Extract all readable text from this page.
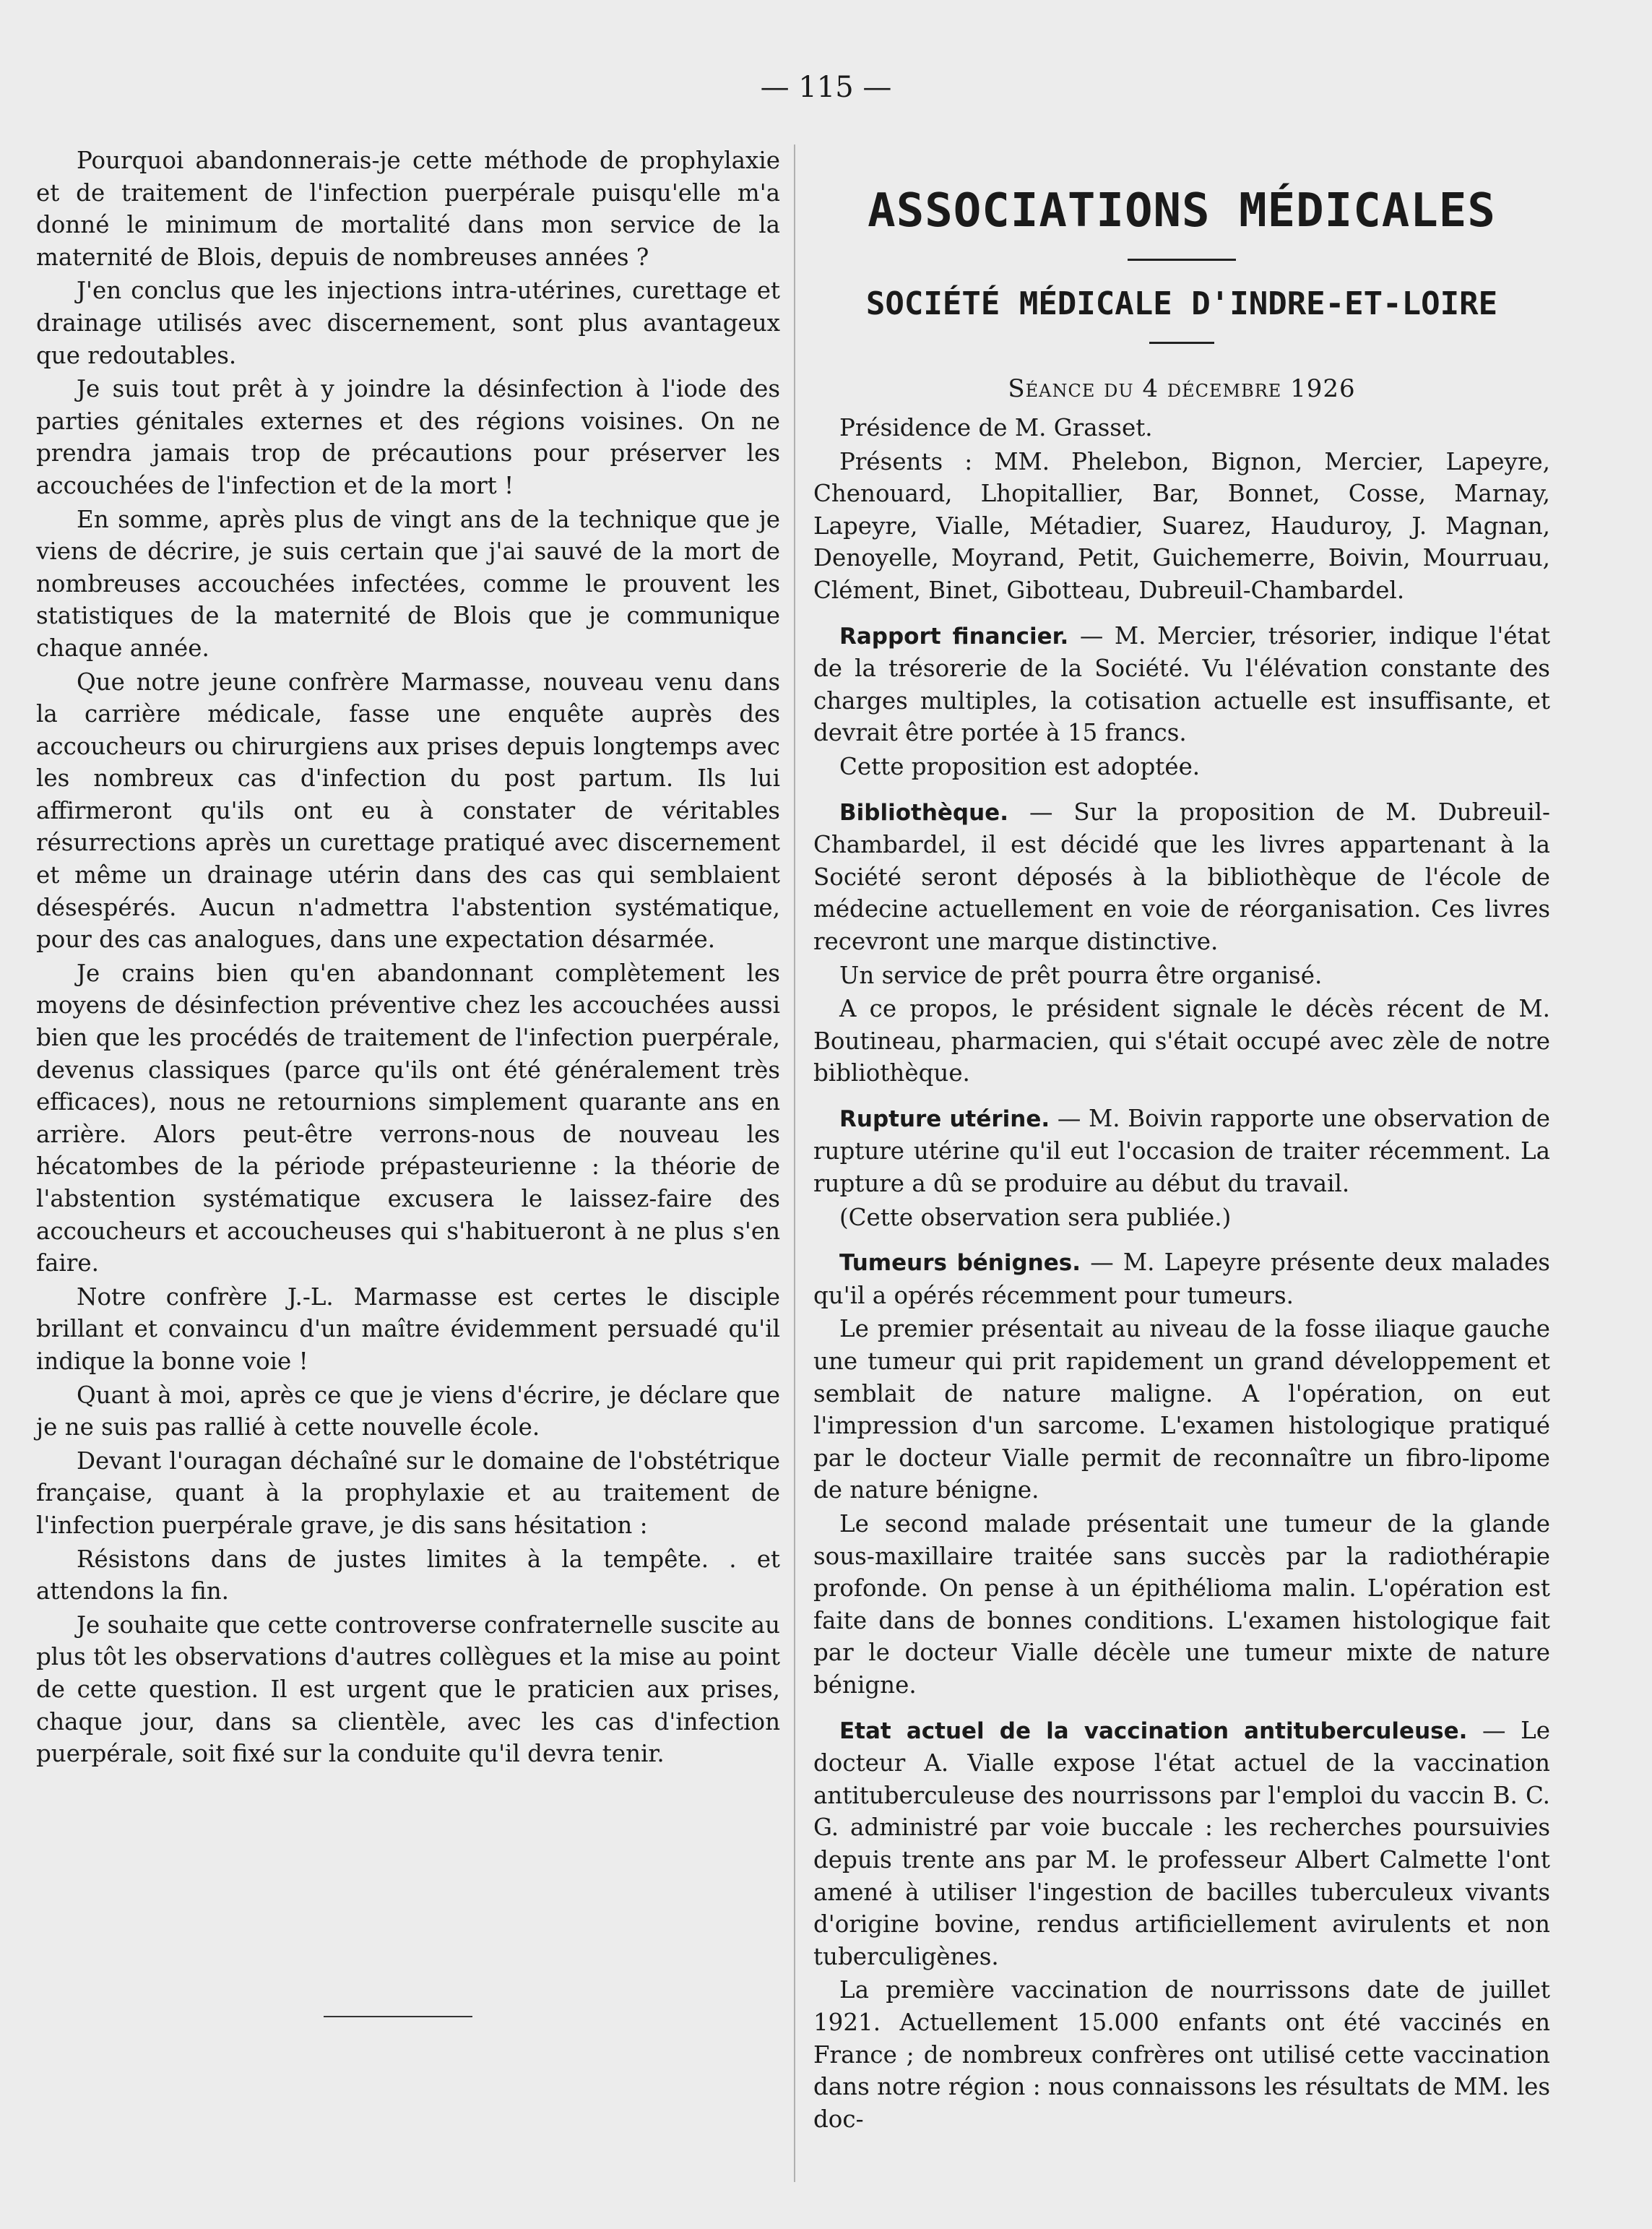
— 115 —

Pourquoi abandonnerais-je cette méthode de prophylaxie et de traitement de l'infection puerpérale puisqu'elle m'a donné le minimum de mortalité dans mon service de la maternité de Blois, depuis de nombreuses années ?

J'en conclus que les injections intra-utérines, curettage et drainage utilisés avec discernement, sont plus avantageux que redoutables.

Je suis tout prêt à y joindre la désinfection à l'iode des parties génitales externes et des régions voisines. On ne prendra jamais trop de précautions pour préserver les accouchées de l'infection et de la mort !

En somme, après plus de vingt ans de la technique que je viens de décrire, je suis certain que j'ai sauvé de la mort de nombreuses accouchées infectées, comme le prouvent les statistiques de la maternité de Blois que je communique chaque année.

Que notre jeune confrère Marmasse, nouveau venu dans la carrière médicale, fasse une enquête auprès des accoucheurs ou chirurgiens aux prises depuis longtemps avec les nombreux cas d'infection du post partum. Ils lui affirmeront qu'ils ont eu à constater de véritables résurrections après un curettage pratiqué avec discernement et même un drainage utérin dans des cas qui semblaient désespérés. Aucun n'admettra l'abstention systématique, pour des cas analogues, dans une expectation désarmée.

Je crains bien qu'en abandonnant complètement les moyens de désinfection préventive chez les accouchées aussi bien que les procédés de traitement de l'infection puerpérale, devenus classiques (parce qu'ils ont été généralement très efficaces), nous ne retournions simplement quarante ans en arrière. Alors peut-être verrons-nous de nouveau les hécatombes de la période prépasteurienne : la théorie de l'abstention systématique excusera le laissez-faire des accoucheurs et accoucheuses qui s'habitueront à ne plus s'en faire.

Notre confrère J.-L. Marmasse est certes le disciple brillant et convaincu d'un maître évidemment persuadé qu'il indique la bonne voie !

Quant à moi, après ce que je viens d'écrire, je déclare que je ne suis pas rallié à cette nouvelle école.

Devant l'ouragan déchaîné sur le domaine de l'obstétrique française, quant à la prophylaxie et au traitement de l'infection puerpérale grave, je dis sans hésitation :

Résistons dans de justes limites à la tempête. . et attendons la fin.

Je souhaite que cette controverse confraternelle suscite au plus tôt les observations d'autres collègues et la mise au point de cette question. Il est urgent que le praticien aux prises, chaque jour, dans sa clientèle, avec les cas d'infection puerpérale, soit fixé sur la conduite qu'il devra tenir.

ASSOCIATIONS MÉDICALES
SOCIÉTÉ MÉDICALE D'INDRE-ET-LOIRE
Séance du 4 décembre 1926

Présidence de M. Grasset.

Présents : MM. Phelebon, Bignon, Mercier, Lapeyre, Chenouard, Lhopitallier, Bar, Bonnet, Cosse, Marnay, Lapeyre, Vialle, Métadier, Suarez, Hauduroy, J. Magnan, Denoyelle, Moyrand, Petit, Guichemerre, Boivin, Mourruau, Clément, Binet, Gibotteau, Dubreuil-Chambardel.

Rapport financier. — M. Mercier, trésorier, indique l'état de la trésorerie de la Société. Vu l'élévation constante des charges multiples, la cotisation actuelle est insuffisante, et devrait être portée à 15 francs.

Cette proposition est adoptée.

Bibliothèque. — Sur la proposition de M. Dubreuil-Chambardel, il est décidé que les livres appartenant à la Société seront déposés à la bibliothèque de l'école de médecine actuellement en voie de réorganisation. Ces livres recevront une marque distinctive.

Un service de prêt pourra être organisé.

A ce propos, le président signale le décès récent de M. Boutineau, pharmacien, qui s'était occupé avec zèle de notre bibliothèque.

Rupture utérine. — M. Boivin rapporte une observation de rupture utérine qu'il eut l'occasion de traiter récemment. La rupture a dû se produire au début du travail.

(Cette observation sera publiée.)

Tumeurs bénignes. — M. Lapeyre présente deux malades qu'il a opérés récemment pour tumeurs.

Le premier présentait au niveau de la fosse iliaque gauche une tumeur qui prit rapidement un grand développement et semblait de nature maligne. A l'opération, on eut l'impression d'un sarcome. L'examen histologique pratiqué par le docteur Vialle permit de reconnaître un fibro-lipome de nature bénigne.

Le second malade présentait une tumeur de la glande sous-maxillaire traitée sans succès par la radiothérapie profonde. On pense à un épithélioma malin. L'opération est faite dans de bonnes conditions. L'examen histologique fait par le docteur Vialle décèle une tumeur mixte de nature bénigne.

Etat actuel de la vaccination antituberculeuse. — Le docteur A. Vialle expose l'état actuel de la vaccination antituberculeuse des nourrissons par l'emploi du vaccin B. C. G. administré par voie buccale : les recherches poursuivies depuis trente ans par M. le professeur Albert Calmette l'ont amené à utiliser l'ingestion de bacilles tuberculeux vivants d'origine bovine, rendus artificiellement avirulents et non tuberculigènes.

La première vaccination de nourrissons date de juillet 1921. Actuellement 15.000 enfants ont été vaccinés en France ; de nombreux confrères ont utilisé cette vaccination dans notre région : nous connaissons les résultats de MM. les doc-
